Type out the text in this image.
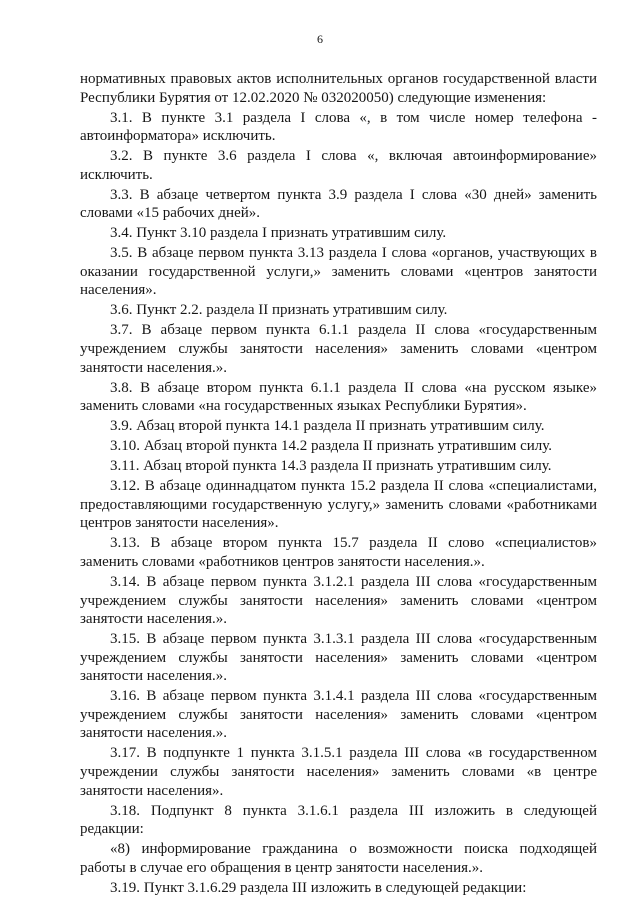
6

нормативных правовых актов исполнительных органов государственной власти Республики Бурятия от 12.02.2020 № 032020050) следующие изменения:

3.1. В пункте 3.1 раздела I слова «, в том числе номер телефона - автоинформатора» исключить.

3.2. В пункте 3.6 раздела I слова «, включая автоинформирование» исключить.

3.3. В абзаце четвертом пункта 3.9 раздела I слова «30 дней» заменить словами «15 рабочих дней».

3.4. Пункт 3.10 раздела I признать утратившим силу.

3.5. В абзаце первом пункта 3.13 раздела I слова «органов, участвующих в оказании государственной услуги,» заменить словами «центров занятости населения».

3.6. Пункт 2.2. раздела II признать утратившим силу.

3.7. В абзаце первом пункта 6.1.1 раздела II слова «государственным учреждением службы занятости населения» заменить словами «центром занятости населения.».

3.8. В абзаце втором пункта 6.1.1 раздела II слова «на русском языке» заменить словами «на государственных языках Республики Бурятия».

3.9. Абзац второй пункта 14.1 раздела II признать утратившим силу.

3.10. Абзац второй пункта 14.2 раздела II признать утратившим силу.

3.11. Абзац второй пункта 14.3 раздела II признать утратившим силу.

3.12. В абзаце одиннадцатом пункта 15.2 раздела II слова «специалистами, предоставляющими государственную услугу,» заменить словами «работниками центров занятости населения».

3.13. В абзаце втором пункта 15.7 раздела II слово «специалистов» заменить словами «работников центров занятости населения.».

3.14. В абзаце первом пункта 3.1.2.1 раздела III слова «государственным учреждением службы занятости населения» заменить словами «центром занятости населения.».

3.15. В абзаце первом пункта 3.1.3.1 раздела III слова «государственным учреждением службы занятости населения» заменить словами «центром занятости населения.».

3.16. В абзаце первом пункта 3.1.4.1 раздела III слова «государственным учреждением службы занятости населения» заменить словами «центром занятости населения.».

3.17. В подпункте 1 пункта 3.1.5.1 раздела III слова «в государственном учреждении службы занятости населения» заменить словами «в центре занятости населения».

3.18. Подпункт 8 пункта 3.1.6.1 раздела III изложить в следующей редакции:

«8) информирование гражданина о возможности поиска подходящей работы в случае его обращения в центр занятости населения.».

3.19. Пункт 3.1.6.29 раздела III изложить в следующей редакции:
